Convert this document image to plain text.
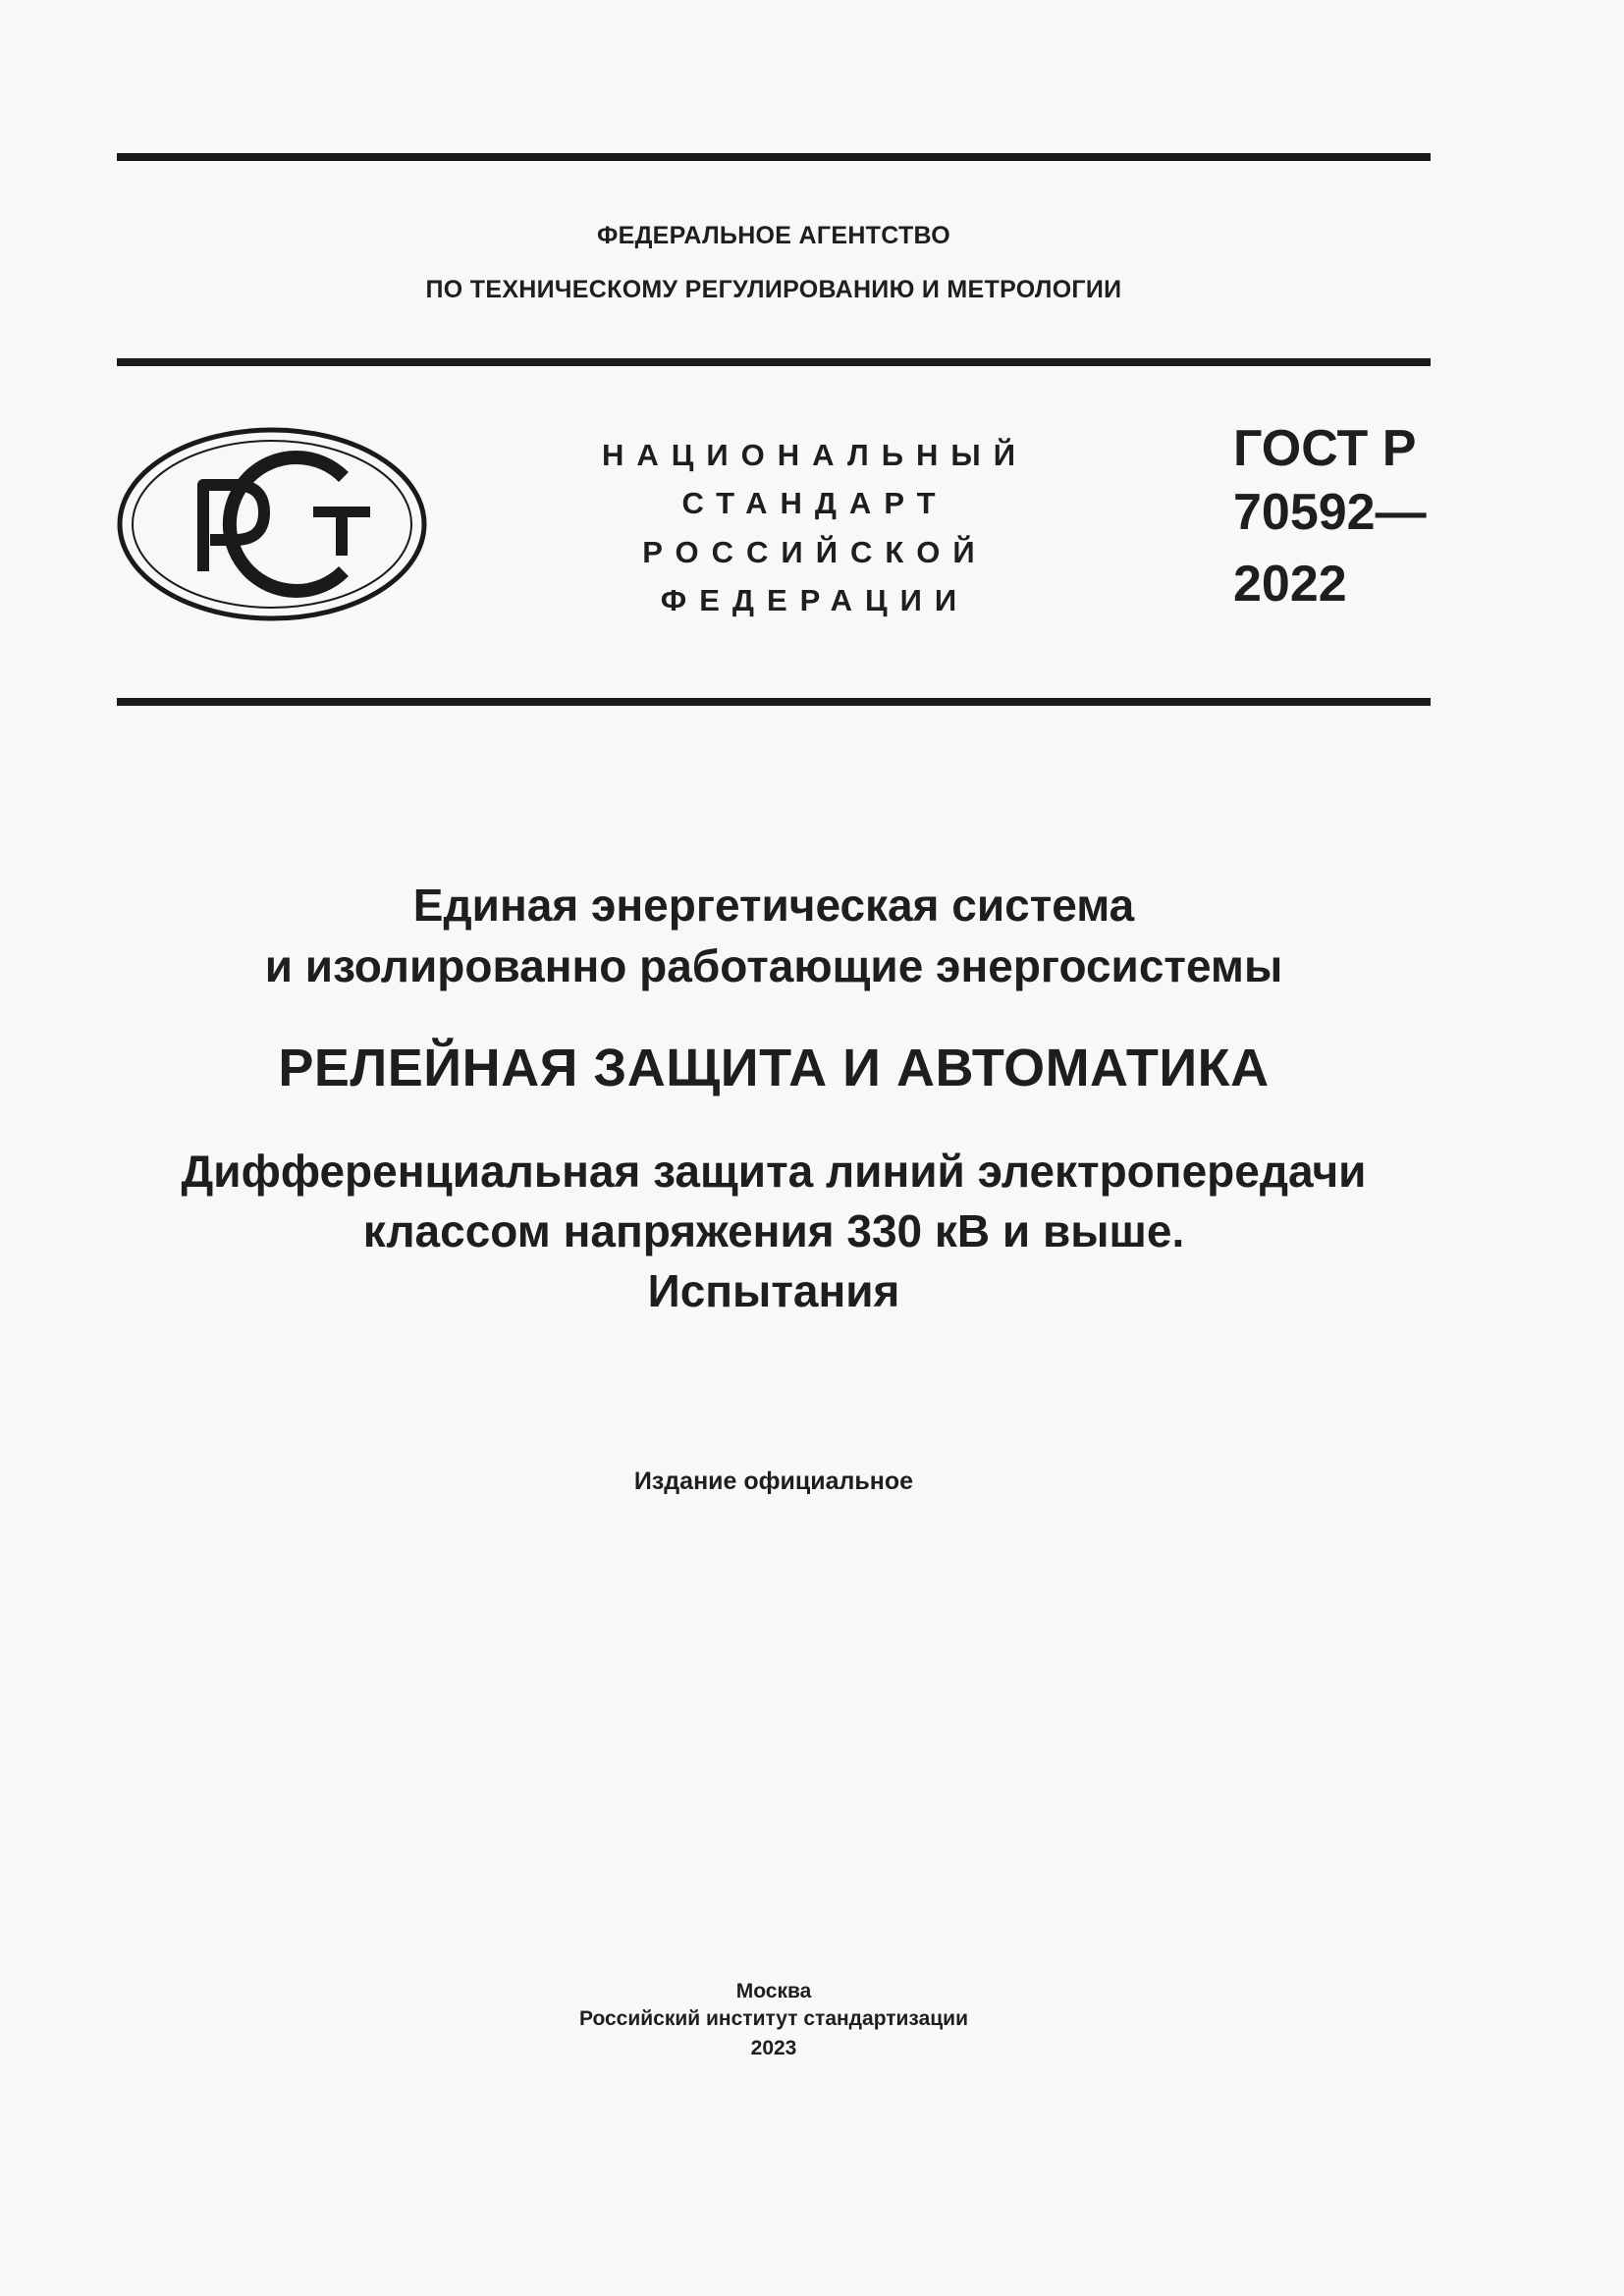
ФЕДЕРАЛЬНОЕ АГЕНТСТВО
ПО ТЕХНИЧЕСКОМУ РЕГУЛИРОВАНИЮ И МЕТРОЛОГИИ
НАЦИОНАЛЬНЫЙ
СТАНДАРТ
РОССИЙСКОЙ
ФЕДЕРАЦИИ
ГОСТ Р
70592—
2022
Единая энергетическая система
и изолированно работающие энергосистемы
РЕЛЕЙНАЯ ЗАЩИТА И АВТОМАТИКА
Дифференциальная защита линий электропередачи
классом напряжения 330 кВ и выше.
Испытания
Издание официальное
Москва
Российский институт стандартизации
2023
